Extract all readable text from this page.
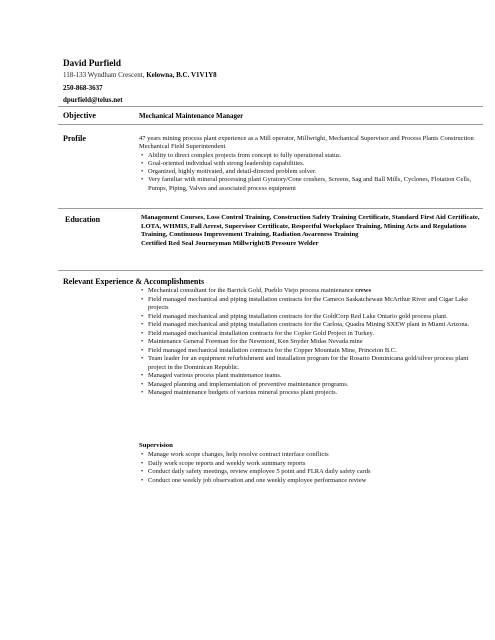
David Purfield
118-133 Wyndham Crescent, Kelowna, B.C. V1V1Y8
250-868-3637
dpurfield@telus.net
Objective	Mechanical Maintenance Manager
Profile	47 years mining process plant experience as a Mill operator, Millwright, Mechanical Supervisor and Process Plants Construction Mechanical Field Superintendent
• Ability to direct complex projects from concept to fully operational status.
• Goal-oriented individual with strong leadership capabilities.
• Organized, highly motivated, and detail-directed problem solver.
• Very familiar with mineral processing plant Gyratory/Cone crushers, Screens, Sag and Ball Mills, Cyclones, Flotation Cells, Pumps, Piping, Valves and associated process equipment
Education	Management Courses, Loss Control Training, Construction Safety Training Certificate, Standard First Aid Certificate, LOTA, WHMIS, Fall Arrest, Supervisor Certificate, Respectful Workplace Training, Mining Acts and Regulations Training, Continuous Improvement Training, Radiation Awareness Training
Certified Red Seal Journeyman Millwright/B Pressure Welder
Relevant Experience & Accomplishments
• Mechanical consultant for the Barrick Gold, Pueblo Viejo process maintenance crews
• Field managed mechanical and piping installation contracts for the Cameco Saskatchewan McArthur River and Cigar Lake projects
• Field managed mechanical and piping installation contracts for the GoldCorp Red Lake Ontario gold process plant.
• Field managed mechanical and piping installation contracts for the Carlota, Quadra Mining SXEW plant in Miami Arizona.
• Field managed mechanical installation contracts for the Copler Gold Project in Turkey.
• Maintenance General Foreman for the Newmont, Ken Snyder Midas Nevada mine
• Field managed mechanical installation contracts for the Copper Mountain Mine, Princeton B.C.
• Team leader for an equipment refurbishment and installation program for the Rosario Dominicana gold/silver process plant project in the Dominican Republic.
• Managed various process plant maintenance teams.
• Managed planning and implementation of preventive maintenance programs.
• Managed maintenance budgets of various mineral process plant projects.
Supervision
• Manage work scope changes, help resolve contract interface conflicts
• Daily work scope reports and weekly work summary reports
• Conduct daily safety meetings, review employee 5 point and FLRA daily safety cards
• Conduct one weekly job observation and one weekly employee performance review
